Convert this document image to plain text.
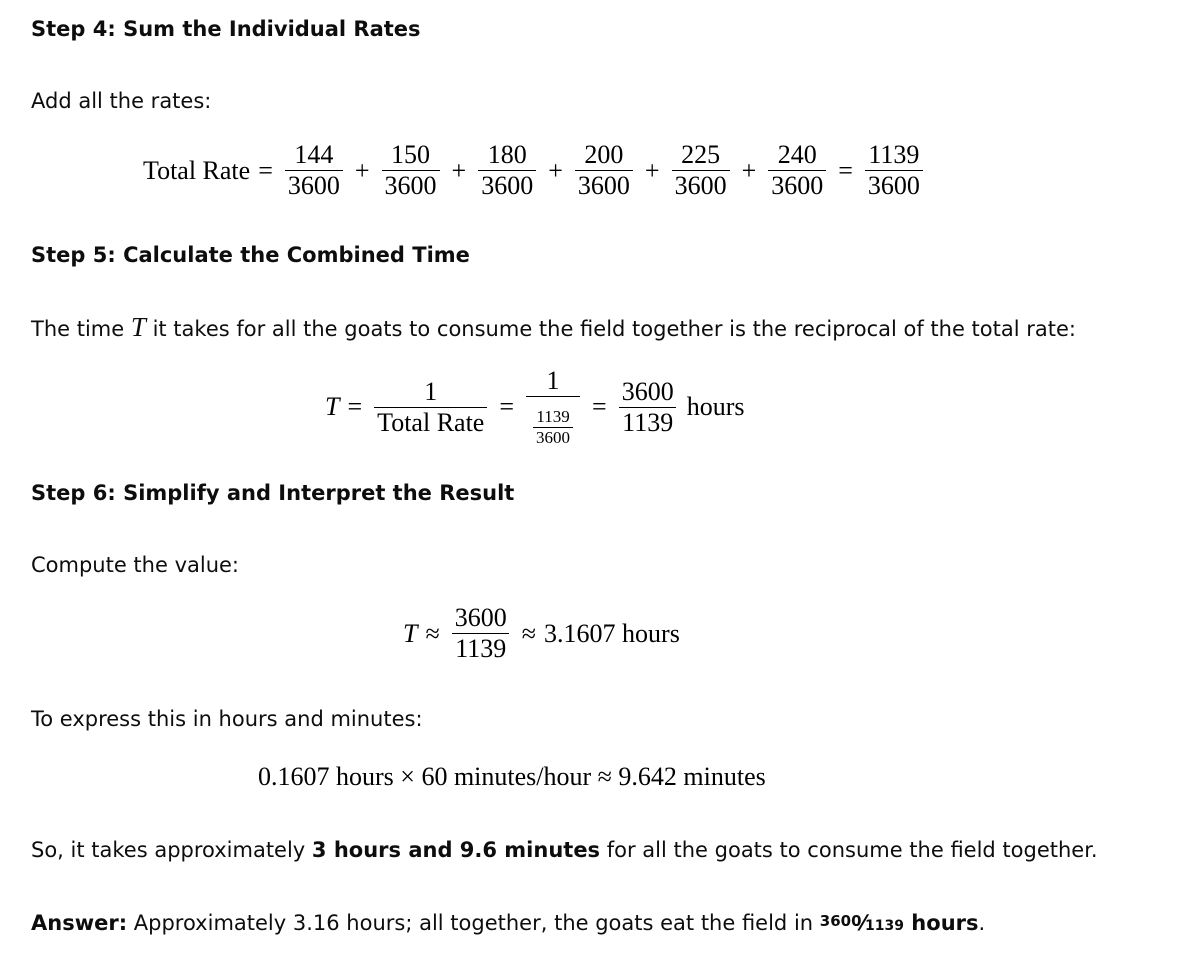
Step 4: Sum the Individual Rates

Add all the rates:

Total Rate = $\frac{144}{3600} + \frac{150}{3600} + \frac{180}{3600} + \frac{200}{3600} + \frac{225}{3600} + \frac{240}{3600} = \frac{1139}{3600}$
Step 5: Calculate the Combined Time

The time T it takes for all the goats to consume the field together is the reciprocal of the total rate:

$T = \frac{1}{\text{Total Rate}} = \frac{1}{\frac{1139}{3600}} = \frac{3600}{1139}$ hours
Step 6: Simplify and Interpret the Result

Compute the value:

$T \approx \frac{3600}{1139} \approx 3.1607$ hours

To express this in hours and minutes:

0.1607 hours × 60 minutes/hour ≈ 9.642 minutes

So, it takes approximately 3 hours and 9.6 minutes for all the goats to consume the field together.

Answer: Approximately 3.16 hours; all together, the goats eat the field in 3600⁄1139 hours.
